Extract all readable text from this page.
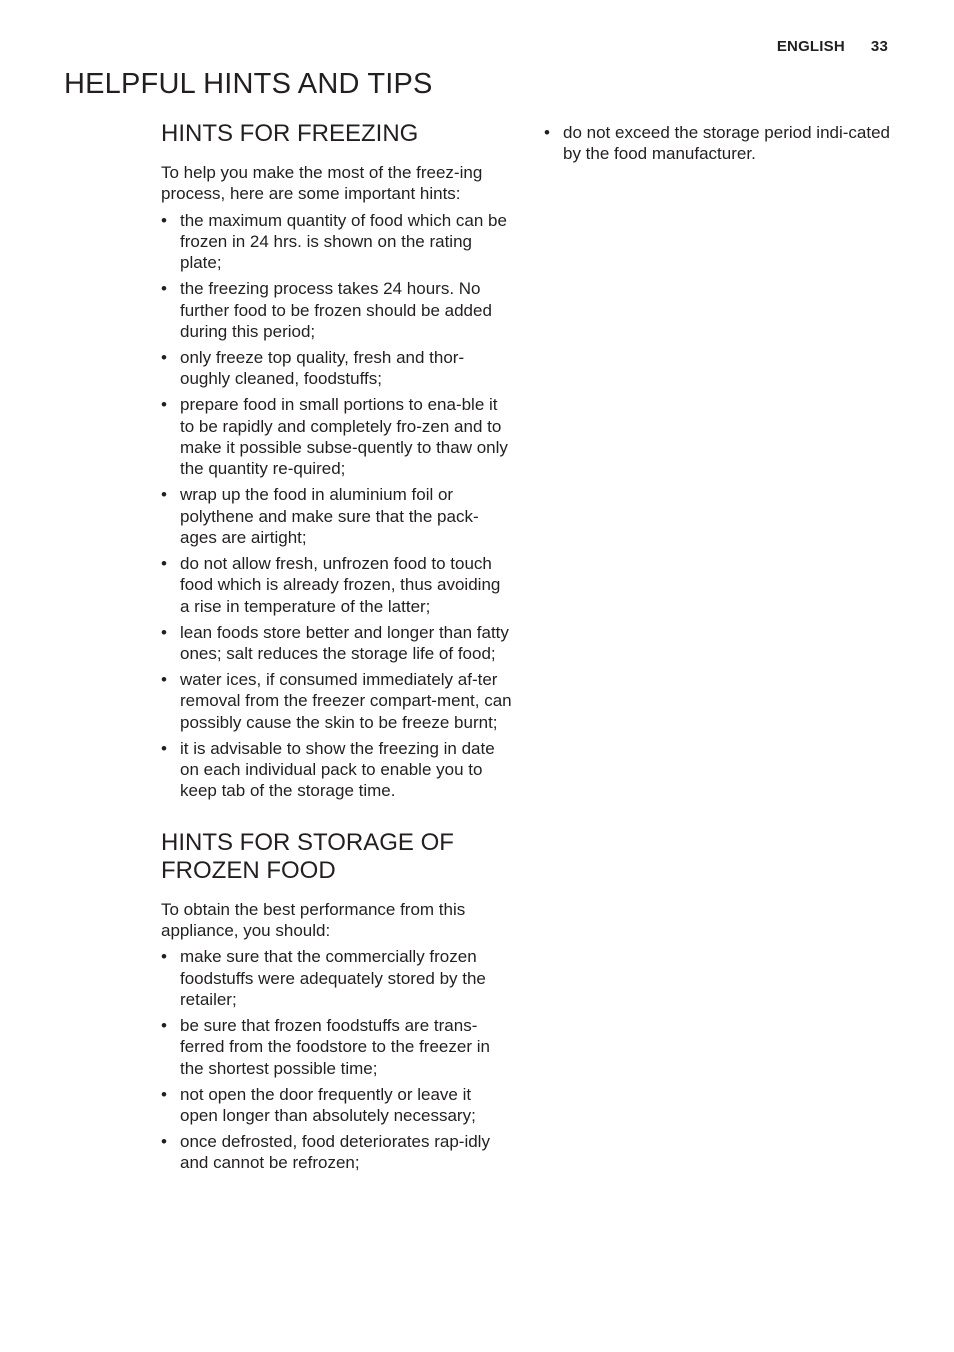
ENGLISH 33
HELPFUL HINTS AND TIPS
HINTS FOR FREEZING

To help you make the most of the freez-ing process, here are some important hints:

• the maximum quantity of food which can be frozen in 24 hrs. is shown on the rating plate;
• the freezing process takes 24 hours. No further food to be frozen should be added during this period;
• only freeze top quality, fresh and thor-oughly cleaned, foodstuffs;
• prepare food in small portions to ena-ble it to be rapidly and completely fro-zen and to make it possible subse-quently to thaw only the quantity re-quired;
• wrap up the food in aluminium foil or polythene and make sure that the pack-ages are airtight;
• do not allow fresh, unfrozen food to touch food which is already frozen, thus avoiding a rise in temperature of the latter;
• lean foods store better and longer than fatty ones; salt reduces the storage life of food;
• water ices, if consumed immediately af-ter removal from the freezer compart-ment, can possibly cause the skin to be freeze burnt;
• it is advisable to show the freezing in date on each individual pack to enable you to keep tab of the storage time.
HINTS FOR STORAGE OF
FROZEN FOOD

To obtain the best performance from this appliance, you should:

• make sure that the commercially frozen foodstuffs were adequately stored by the retailer;
• be sure that frozen foodstuffs are trans-ferred from the foodstore to the freezer in the shortest possible time;
• not open the door frequently or leave it open longer than absolutely necessary;
• once defrosted, food deteriorates rap-idly and cannot be refrozen;
• do not exceed the storage period indi-cated by the food manufacturer.
